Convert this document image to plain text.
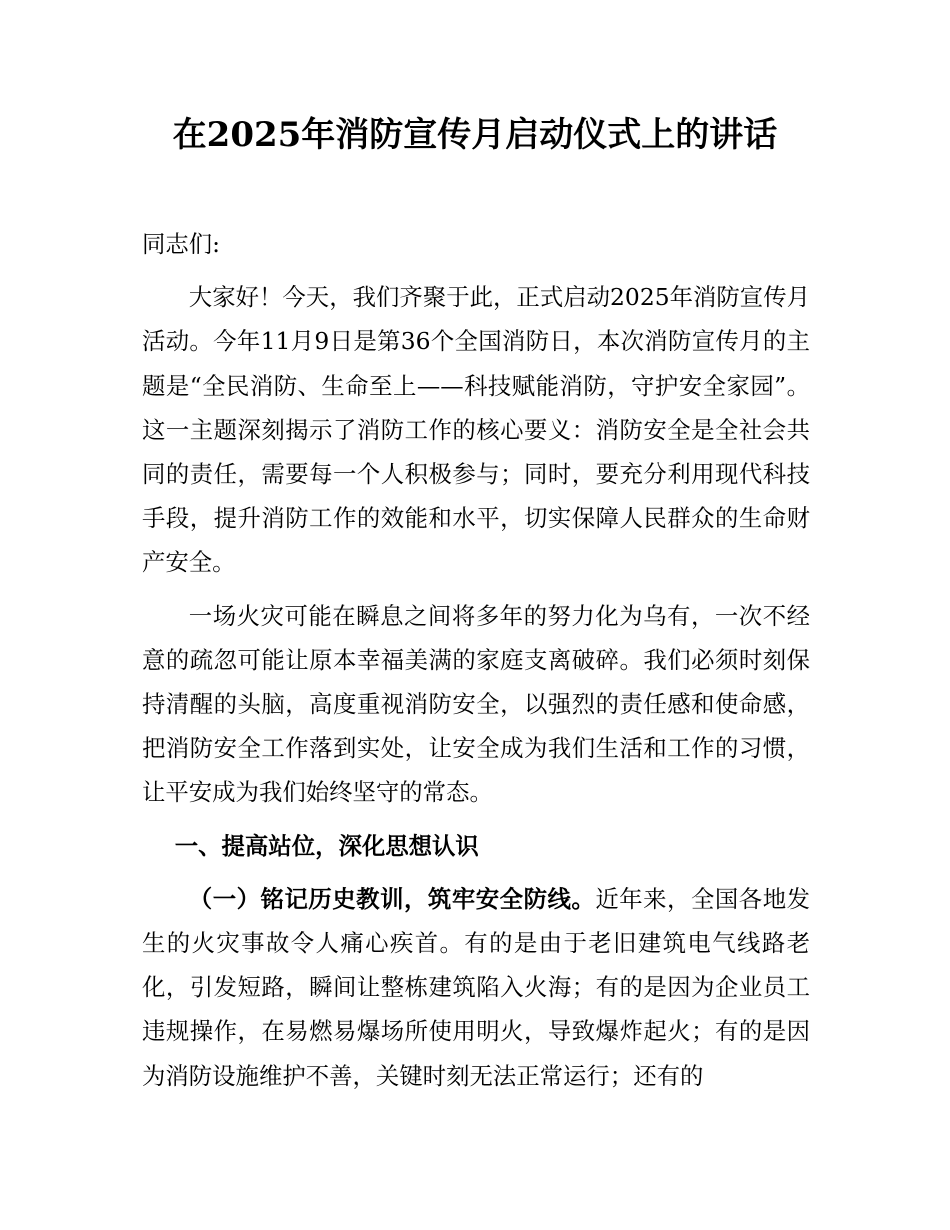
在2025年消防宣传月启动仪式上的讲话

同志们:

大家好！今天，我们齐聚于此，正式启动2025年消防宣传月活动。今年11月9日是第36个全国消防日，本次消防宣传月的主题是“全民消防、生命至上——科技赋能消防，守护安全家园”。这一主题深刻揭示了消防工作的核心要义：消防安全是全社会共同的责任，需要每一个人积极参与；同时，要充分利用现代科技手段，提升消防工作的效能和水平，切实保障人民群众的生命财产安全。

一场火灾可能在瞬息之间将多年的努力化为乌有，一次不经意的疏忽可能让原本幸福美满的家庭支离破碎。我们必须时刻保持清醒的头脑，高度重视消防安全，以强烈的责任感和使命感，把消防安全工作落到实处，让安全成为我们生活和工作的习惯，让平安成为我们始终坚守的常态。

一、提高站位，深化思想认识

（一）铭记历史教训，筑牢安全防线。近年来，全国各地发生的火灾事故令人痛心疾首。有的是由于老旧建筑电气线路老化，引发短路，瞬间让整栋建筑陷入火海；有的是因为企业员工违规操作，在易燃易爆场所使用明火，导致爆炸起火；有的是因为消防设施维护不善，关键时刻无法正常运行；还有的
